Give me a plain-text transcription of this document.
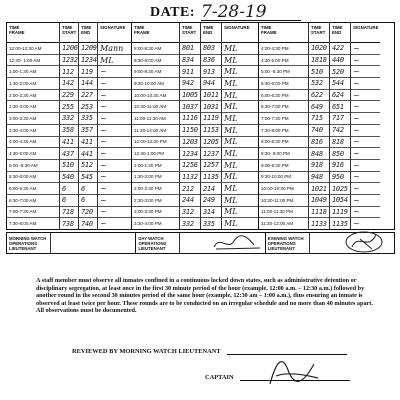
DATE: 7-28-19
TIME
FRAME
12:00-12:30 AM
12:30- 1:00 AM
1:00-1:30 AM
1:30-2:00 AM
2:00-2:30 AM
2:30-3:00 AM
3:00-3:30 AM
3:30-4:00 AM
4:00-4:30 AM
4:30-5:00 AM
5:00 -5:30 AM
5:30-6:00 AM
6:00-6:30 AM
6:30-7:00 AM
7:00-7:30 AM
7:30-8:00 AM
TIME
START
1206
1232
112
142
229
255
332
358
411
437
510
540
6
6
718
738
TIME
END
1209
1234
119
144
227
253
335
357
411
441
512
545
6
6
720
740
SIGNATURE
Mann
ML
~
~
~
~
~
~
~
~
~
~
~
~
~
~
TIME
FRAME
8:00-8:30 AM
8:30-9:00 AM
9:00-9:30 AM
9:30-10:00 AM
10:00-10:30 AM
10:30-11:00 AM
11:00-11:30 AM
11:30-12:00 AM
12:00-12:30 PM
12:30-1:00 PM
1:00-1:30 PM
1:30-2:00 PM
2:00-2:30 PM
2:30-3:00 PM
3:00-3:30 PM
3:30-4:00 PM
TIME
START
801
834
911
942
1005
1037
1116
1150
1203
1234
1256
1132
212
244
312
332
TIME
END
803
836
913
944
1011
1031
1119
1153
1205
1237
1257
1135
214
249
314
335
SIGNATURE
ML
ML
ML
ML
ML
ML
ML
ML
ML
ML
ML
ML
ML
ML
ML
ML
TIME
FRAME
4:00-4:30 PM
4:30-5:00 PM
5:00 -5:30 PM
5:30-6:00 PM
6:00-6:30 PM
6:30-7:00 PM
7:00-7:30 PM
7:30-8:00 PM
8:00-8:30 PM
8:30- 9:00 PM
9:00-9:30 PM
9:30-10:00 PM
10:00-10:30 PM
10:30-11:00 PM
11:00-11:30 PM
11:30-12:00 AM
TIME
START
1020
1818
510
532
622
649
715
740
816
848
918
948
1021
1049
1118
1133
TIME
END
422
440
520
544
624
651
717
742
818
850
916
950
1025
1054
1119
1135
SIGNATURE
~
~
~
~
~
~
~
~
~
~
~
~
~
~
~
~
MORNING WATCH
OPERATIONS
LIEUTENANT
DAY WATCH
OPERATIONS
LIEUTENANT
EVENING WATCH
OPERATIONS
LIEUTENANT
A staff member must observe all inmates confined in a continuous locked down states, such as administrative detention or disciplinary segregation, at least once in the first 30 minute period of the hour (example, 12:00 a.m. – 12:30 a.m.) followed by another round in the second 30 minutes period of the same hour (example, 12:30 am – 1:00 a.m.), thus ensuring an inmate is observed at least twice per hour. These rounds are to be conducted on an irregular schedule and no more than 40 minutes apart. All observations must be documented.
REVIEWED BY MORNING WATCH LIEUTENANT
CAPTAIN
